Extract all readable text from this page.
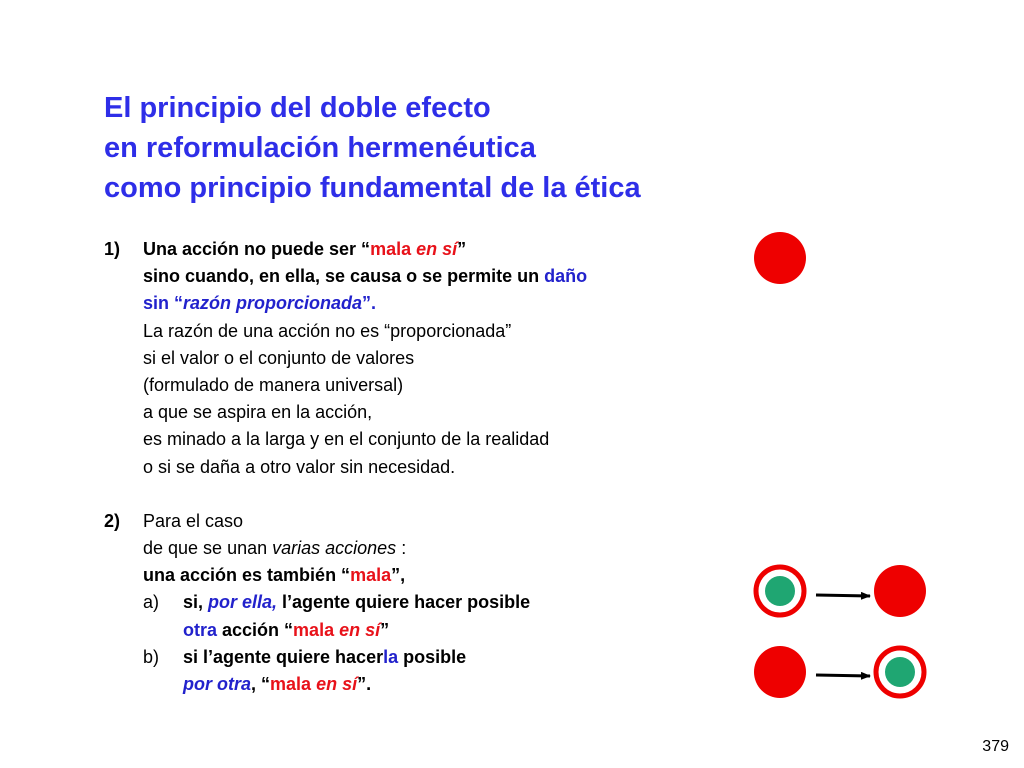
El principio del doble efecto
en reformulación hermenéutica
como principio fundamental de la ética
1) Una acción no puede ser “mala en sí”
sino cuando, en ella, se causa o se permite un daño
sin “razón proporcionada”.
La razón de una acción no es “proporcionada”
si el valor o el conjunto de valores
(formulado de manera universal)
a que se aspira en la acción,
es minado a la larga y en el conjunto de la realidad
o si se daña a otro valor sin necesidad.
2) Para el caso
de que se unan varias acciones :
una acción es también “mala”,
a) si, por ella, l’agente quiere hacer posible
otra acción “mala en sí”
b) si l’agente quiere hacerla posible
por otra, “mala en sí”.
379
